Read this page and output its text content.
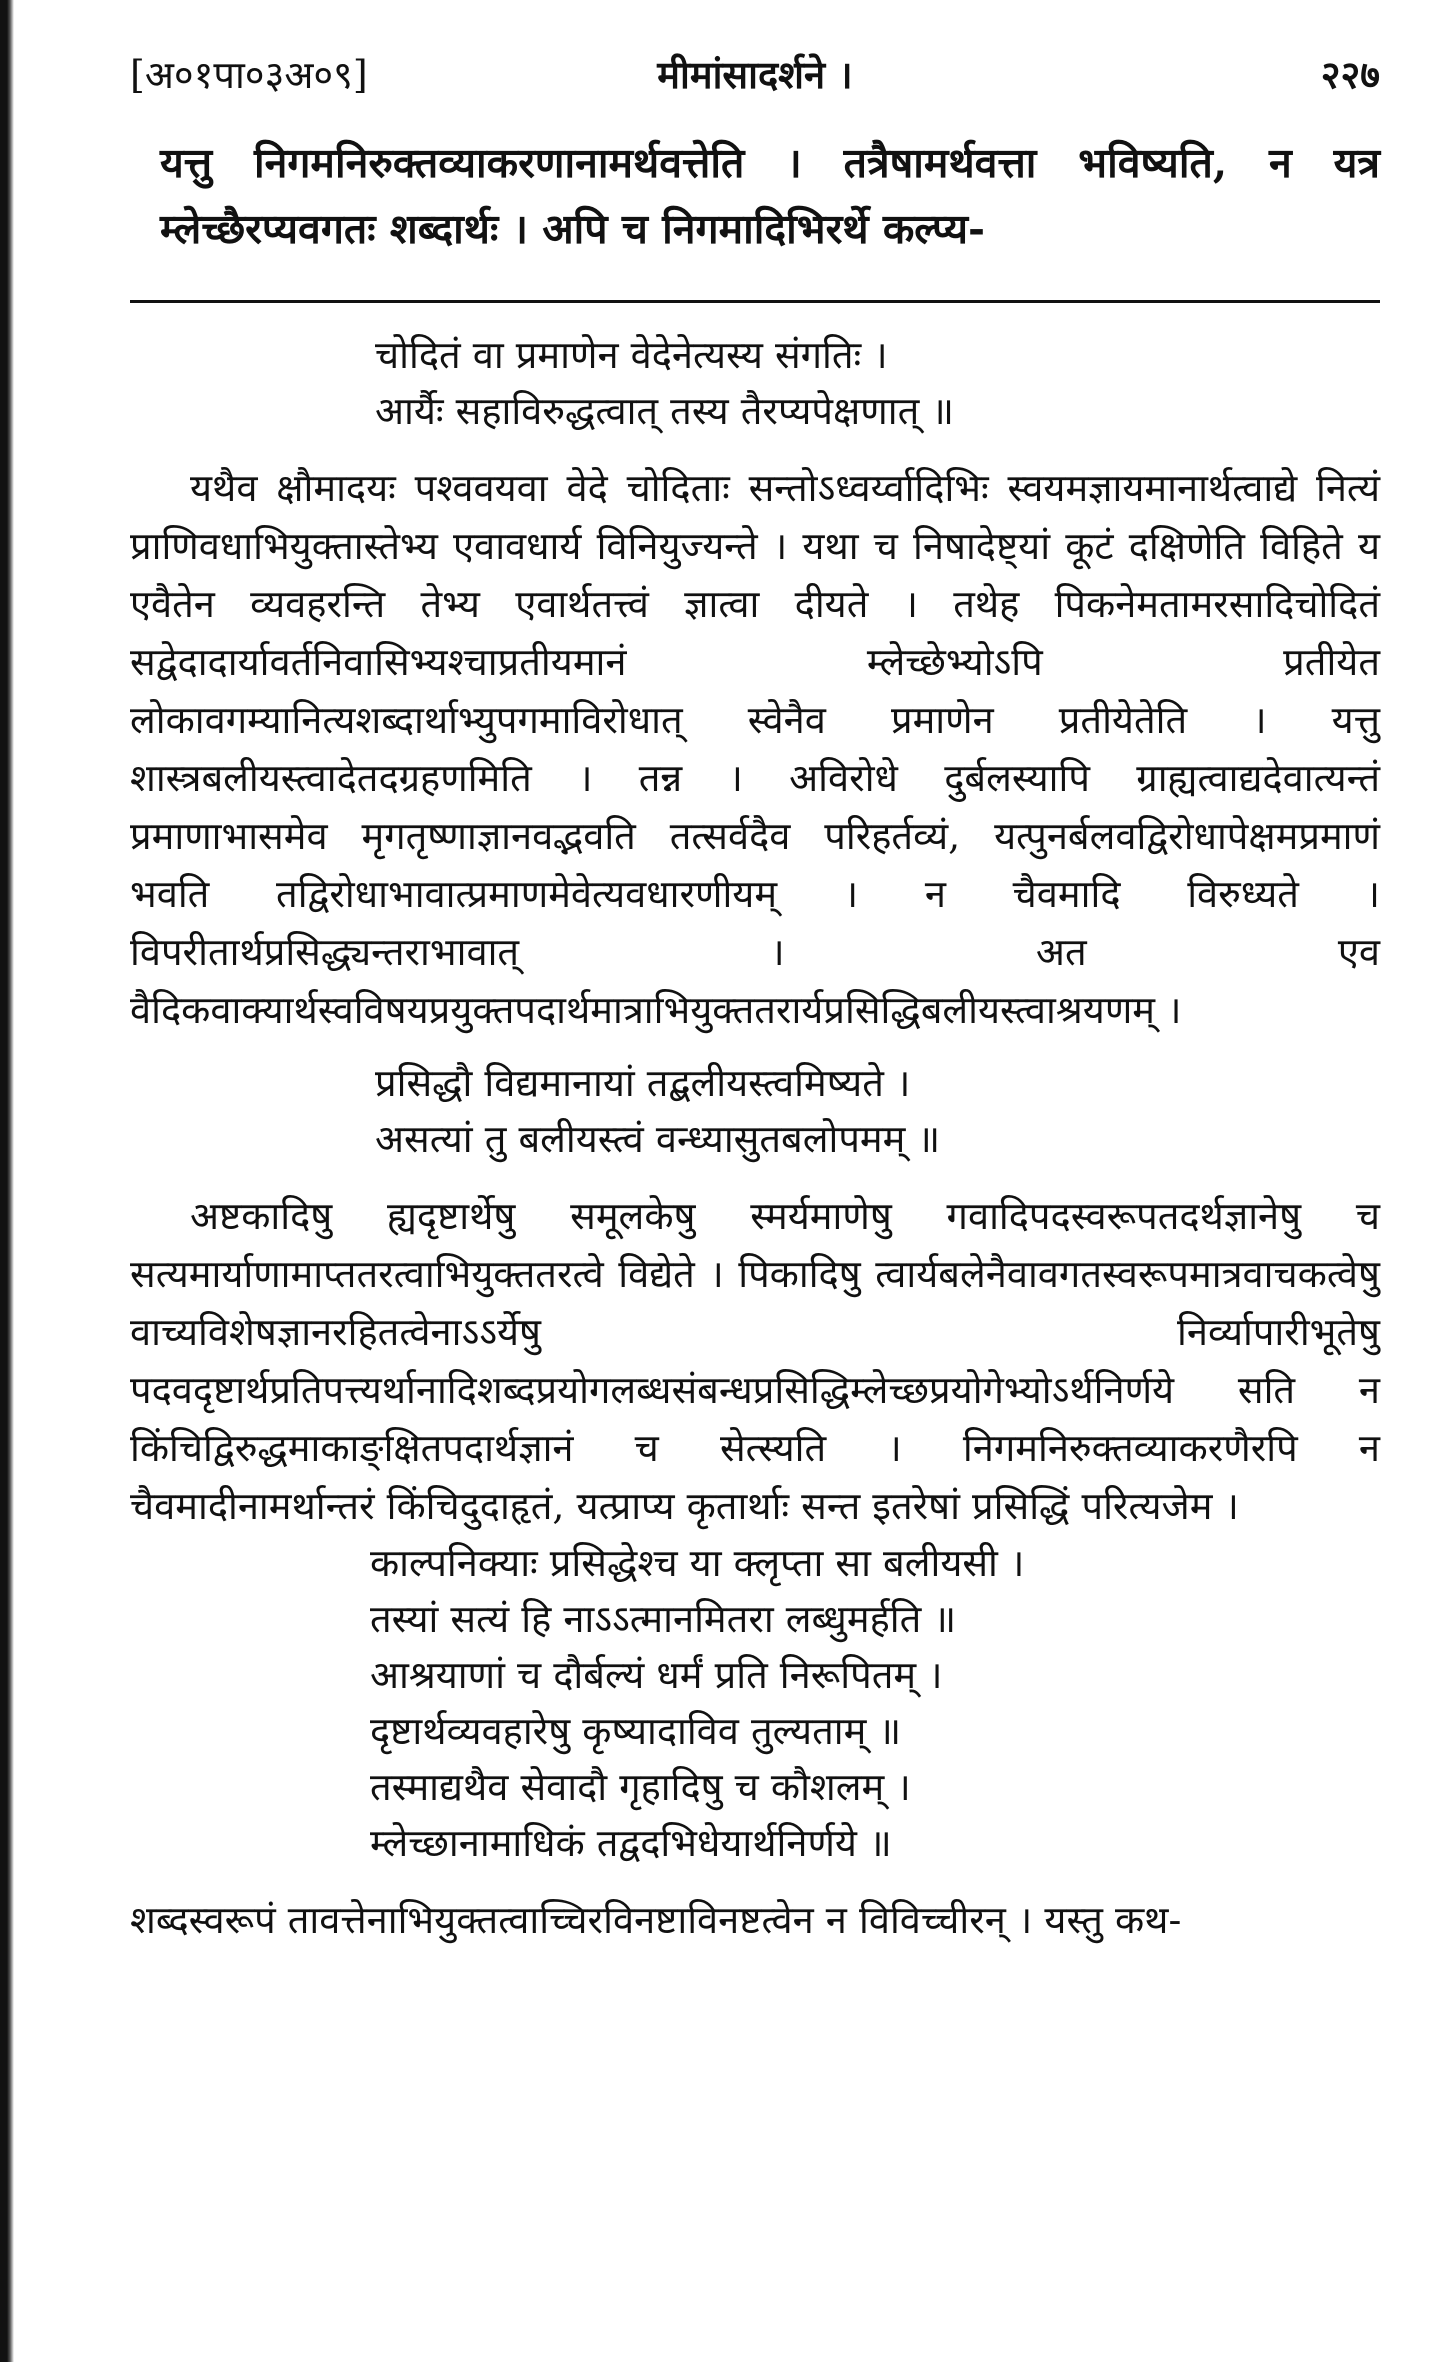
[अ०१पा०३अ०९]	मीमांसादर्शने ।	२२७
यत्तु निगमनिरुक्तव्याकरणानामर्थवत्तेति । तत्रैषामर्थवत्ता भविष्यति, न यत्र म्लेच्छैरप्यवगतः शब्दार्थः । अपि च निगमादिभिरर्थे कल्प्य-
चोदितं वा प्रमाणेन वेदेनेत्यस्य संगतिः ।
आर्यैः सहाविरुद्धत्वात् तस्य तैरप्यपेक्षणात् ॥

यथैव क्षौमादयः पश्ववयवा वेदे चोदिताः सन्तोऽध्वर्य्वादिभिः स्वयमज्ञायमानार्थत्वाद्ये नित्यं प्राणिवधाभियुक्तास्तेभ्य एवावधार्य विनियुज्यन्ते । यथा च निषादेष्ट्यां कूटं दक्षिणेति विहिते य एवैतेन व्यवहरन्ति तेभ्य एवार्थतत्त्वं ज्ञात्वा दीयते । तथेह पिकनेमतामरसादिचोदितं सद्वेदादार्यावर्तनिवासिभ्यश्चाप्रतीयमानं म्लेच्छेभ्योऽपि प्रतीयेत लोकावगम्यानित्यशब्दार्थाभ्युपगमाविरोधात् स्वेनैव प्रमाणेन प्रतीयेतेति । यत्तु शास्त्रबलीयस्त्वादेतदग्रहणमिति । तन्न । अविरोधे दुर्बलस्यापि ग्राह्यत्वाद्यदेवात्यन्तं प्रमाणाभासमेव मृगतृष्णाज्ञानवद्भवति तत्सर्वदैव परिहर्तव्यं, यत्पुनर्बलवद्विरोधापेक्षमप्रमाणं भवति तद्विरोधाभावात्प्रमाणमेवेत्यवधारणीयम् । न चैवमादि विरुध्यते । विपरीतार्थप्रसिद्ध्यन्तराभावात् । अत एव वैदिकवाक्यार्थस्वविषयप्रयुक्तपदार्थमात्राभियुक्ततरार्यप्रसिद्धिबलीयस्त्वाश्रयणम् ।

प्रसिद्धौ विद्यमानायां तद्बलीयस्त्वमिष्यते ।
असत्यां तु बलीयस्त्वं वन्ध्यासुतबलोपमम् ॥

अष्टकादिषु ह्यदृष्टार्थेषु समूलकेषु स्मर्यमाणेषु गवादिपदस्वरूपतदर्थज्ञानेषु च सत्यमार्याणामाप्ततरत्वाभियुक्ततरत्वे विद्येते । पिकादिषु त्वार्यबलेनैवावगतस्वरूपमात्रवाचकत्वेषु वाच्यविशेषज्ञानरहितत्वेनाऽऽर्येषु निर्व्यापारीभूतेषु पदवदृष्टार्थप्रतिपत्त्यर्थानादिशब्दप्रयोगलब्धसंबन्धप्रसिद्धिम्लेच्छप्रयोगेभ्योऽर्थनिर्णये सति न किंचिद्विरुद्धमाकाङ्क्षितपदार्थज्ञानं च सेत्स्यति । निगमनिरुक्तव्याकरणैरपि न चैवमादीनामर्थान्तरं किंचिदुदाहृतं, यत्प्राप्य कृतार्थाः सन्त इतरेषां प्रसिद्धिं परित्यजेम ।

काल्पनिक्याः प्रसिद्धेश्च या क्लृप्ता सा बलीयसी ।
तस्यां सत्यं हि नाऽऽत्मानमितरा लब्धुमर्हति ॥
आश्रयाणां च दौर्बल्यं धर्मं प्रति निरूपितम् ।
दृष्टार्थव्यवहारेषु कृष्यादाविव तुल्यताम् ॥
तस्माद्यथैव सेवादौ गृहादिषु च कौशलम् ।
म्लेच्छानामाधिकं तद्वदभिधेयार्थनिर्णये ॥
शब्दस्वरूपं तावत्तेनाभियुक्तत्वाच्चिरविनष्टाविनष्टत्वेन न विविच्चीरन् । यस्तु कथ-
